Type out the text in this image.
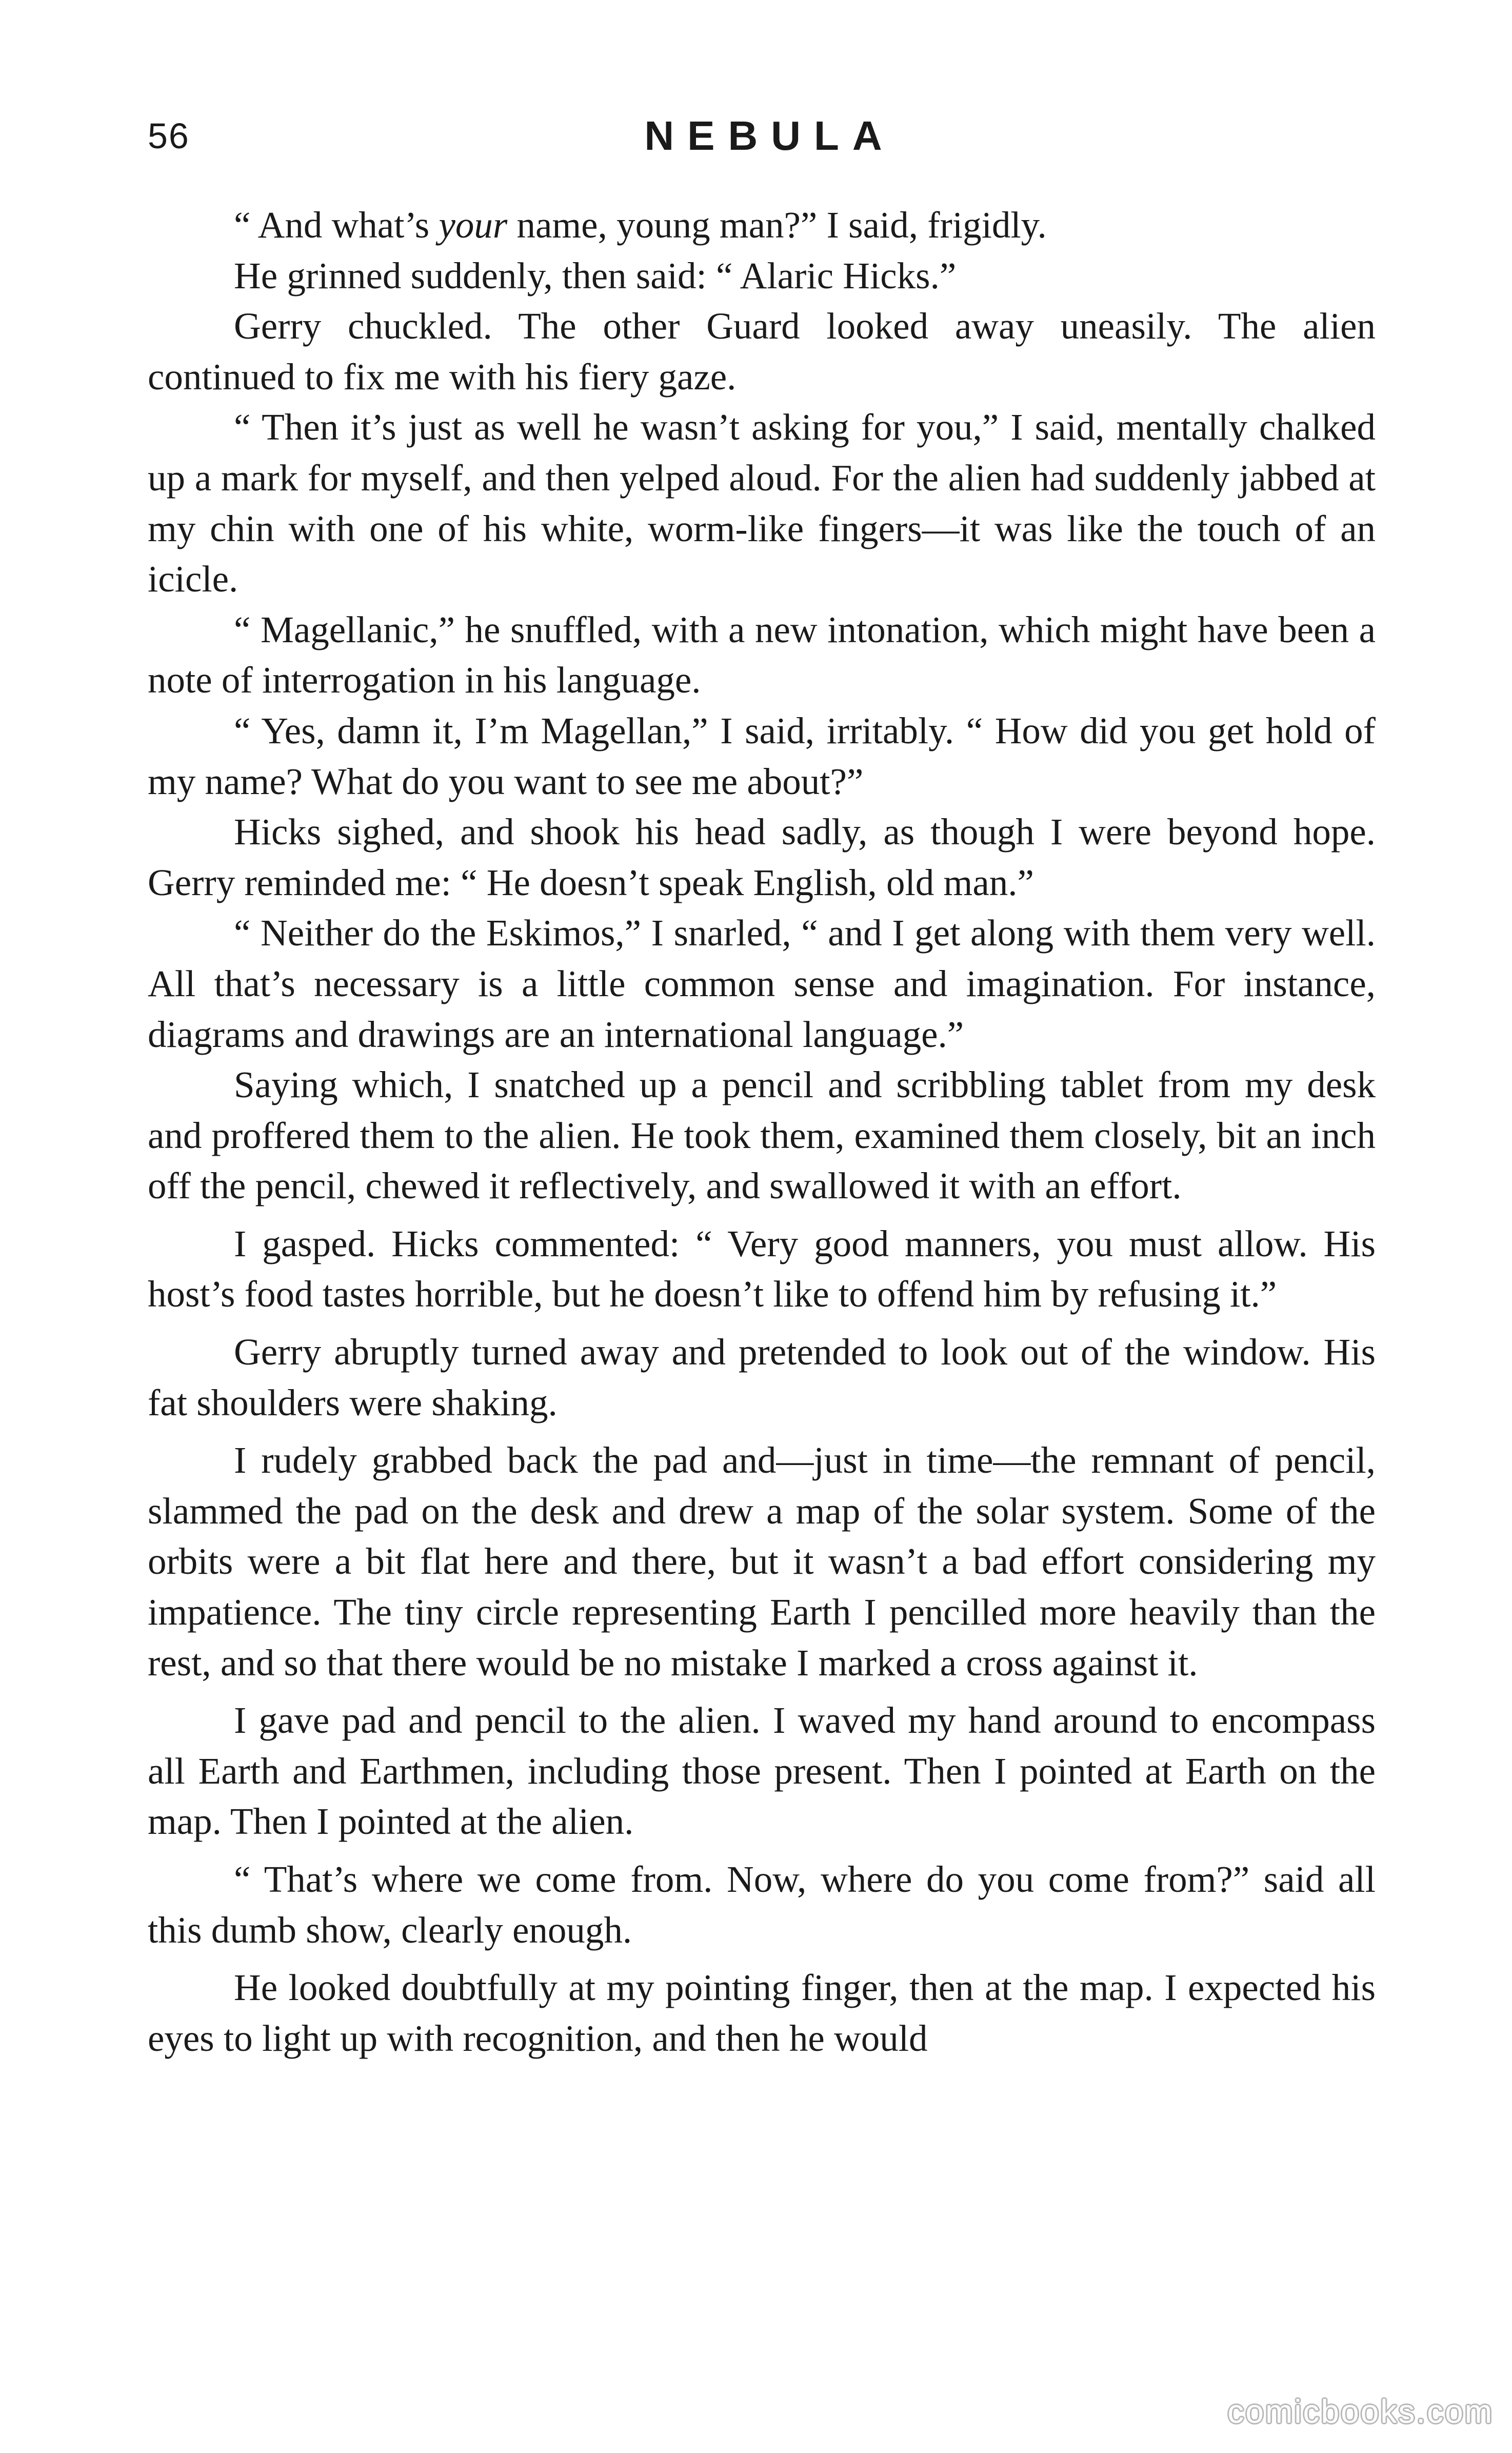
56	NEBULA

“ And what’s your name, young man?” I said, frigidly.

He grinned suddenly, then said: “ Alaric Hicks.”

Gerry chuckled. The other Guard looked away uneasily. The alien continued to fix me with his fiery gaze.

“ Then it’s just as well he wasn’t asking for you,” I said, mentally chalked up a mark for myself, and then yelped aloud. For the alien had suddenly jabbed at my chin with one of his white, worm-like fingers—it was like the touch of an icicle.

“ Magellanic,” he snuffled, with a new intonation, which might have been a note of interrogation in his language.

“ Yes, damn it, I’m Magellan,” I said, irritably. “ How did you get hold of my name? What do you want to see me about?”

Hicks sighed, and shook his head sadly, as though I were beyond hope. Gerry reminded me: “ He doesn’t speak English, old man.”

“ Neither do the Eskimos,” I snarled, “ and I get along with them very well. All that’s necessary is a little common sense and imagination. For instance, diagrams and drawings are an international language.”

Saying which, I snatched up a pencil and scribbling tablet from my desk and proffered them to the alien. He took them, examined them closely, bit an inch off the pencil, chewed it reflectively, and swallowed it with an effort.

I gasped. Hicks commented: “ Very good manners, you must allow. His host’s food tastes horrible, but he doesn’t like to offend him by refusing it.”

Gerry abruptly turned away and pretended to look out of the window. His fat shoulders were shaking.

I rudely grabbed back the pad and—just in time—the remnant of pencil, slammed the pad on the desk and drew a map of the solar system. Some of the orbits were a bit flat here and there, but it wasn’t a bad effort considering my impatience. The tiny circle representing Earth I pencilled more heavily than the rest, and so that there would be no mistake I marked a cross against it.

I gave pad and pencil to the alien. I waved my hand around to encompass all Earth and Earthmen, including those present. Then I pointed at Earth on the map. Then I pointed at the alien.

“ That’s where we come from. Now, where do you come from?” said all this dumb show, clearly enough.

He looked doubtfully at my pointing finger, then at the map. I expected his eyes to light up with recognition, and then he would

comicbooks.com
